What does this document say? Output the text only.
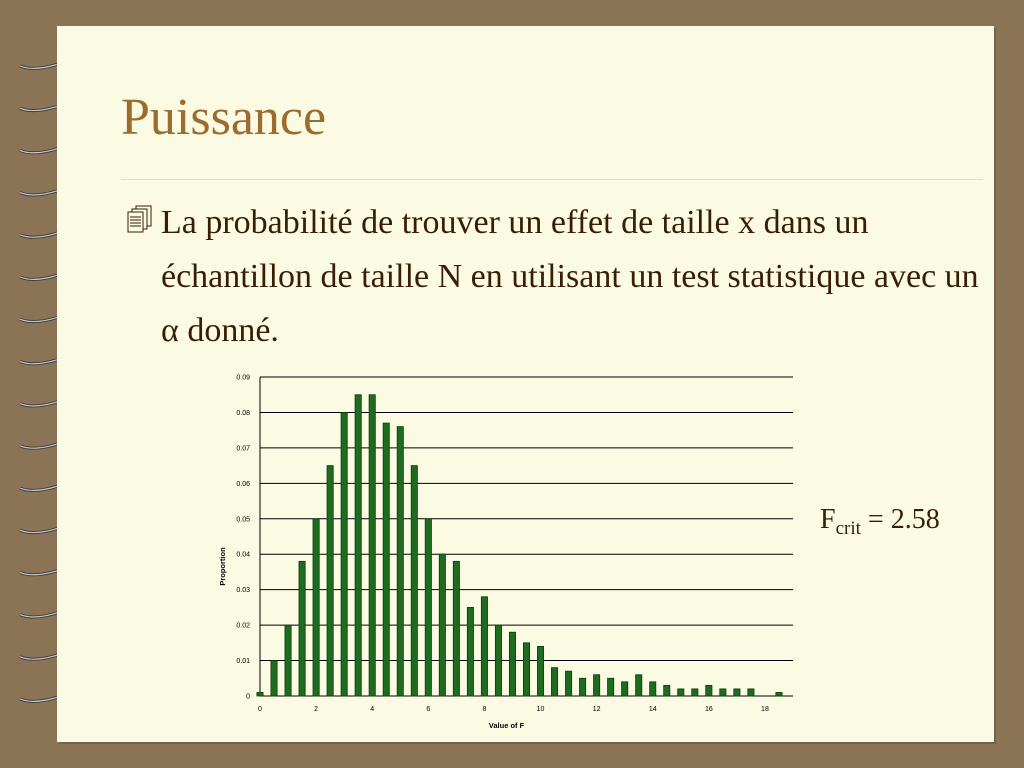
Puissance
La probabilité de trouver un effet de taille x dans un échantillon de taille N en utilisant un test statistique avec un α donné.
$F_{crit} = 2.58$
0
0.01
0.02
0.03
0.04
0.05
0.06
0.07
0.08
0.09
0	2	4	6	8	10	12	14	16	18
Value of F
Proportion
